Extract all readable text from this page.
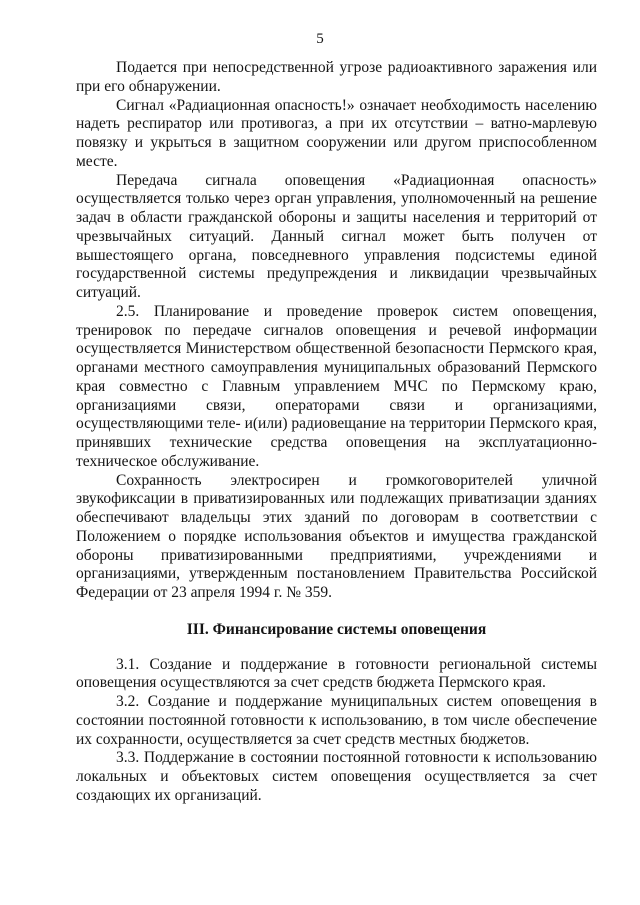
5

Подается при непосредственной угрозе радиоактивного заражения или при его обнаружении.

Сигнал «Радиационная опасность!» означает необходимость населению надеть респиратор или противогаз, а при их отсутствии – ватно-марлевую повязку и укрыться в защитном сооружении или другом приспособленном месте.

Передача сигнала оповещения «Радиационная опасность» осуществляется только через орган управления, уполномоченный на решение задач в области гражданской обороны и защиты населения и территорий от чрезвычайных ситуаций. Данный сигнал может быть получен от вышестоящего органа, повседневного управления подсистемы единой государственной системы предупреждения и ликвидации чрезвычайных ситуаций.

2.5. Планирование и проведение проверок систем оповещения, тренировок по передаче сигналов оповещения и речевой информации осуществляется Министерством общественной безопасности Пермского края, органами местного самоуправления муниципальных образований Пермского края совместно с Главным управлением МЧС по Пермскому краю, организациями связи, операторами связи и организациями, осуществляющими теле- и(или) радиовещание на территории Пермского края, принявших технические средства оповещения на эксплуатационно-техническое обслуживание.

Сохранность электросирен и громкоговорителей уличной звукофиксации в приватизированных или подлежащих приватизации зданиях обеспечивают владельцы этих зданий по договорам в соответствии с Положением о порядке использования объектов и имущества гражданской обороны приватизированными предприятиями, учреждениями и организациями, утвержденным постановлением Правительства Российской Федерации от 23 апреля 1994 г. № 359.

III. Финансирование системы оповещения

3.1. Создание и поддержание в готовности региональной системы оповещения осуществляются за счет средств бюджета Пермского края.

3.2. Создание и поддержание муниципальных систем оповещения в состоянии постоянной готовности к использованию, в том числе обеспечение их сохранности, осуществляется за счет средств местных бюджетов.

3.3. Поддержание в состоянии постоянной готовности к использованию локальных и объектовых систем оповещения осуществляется за счет создающих их организаций.
